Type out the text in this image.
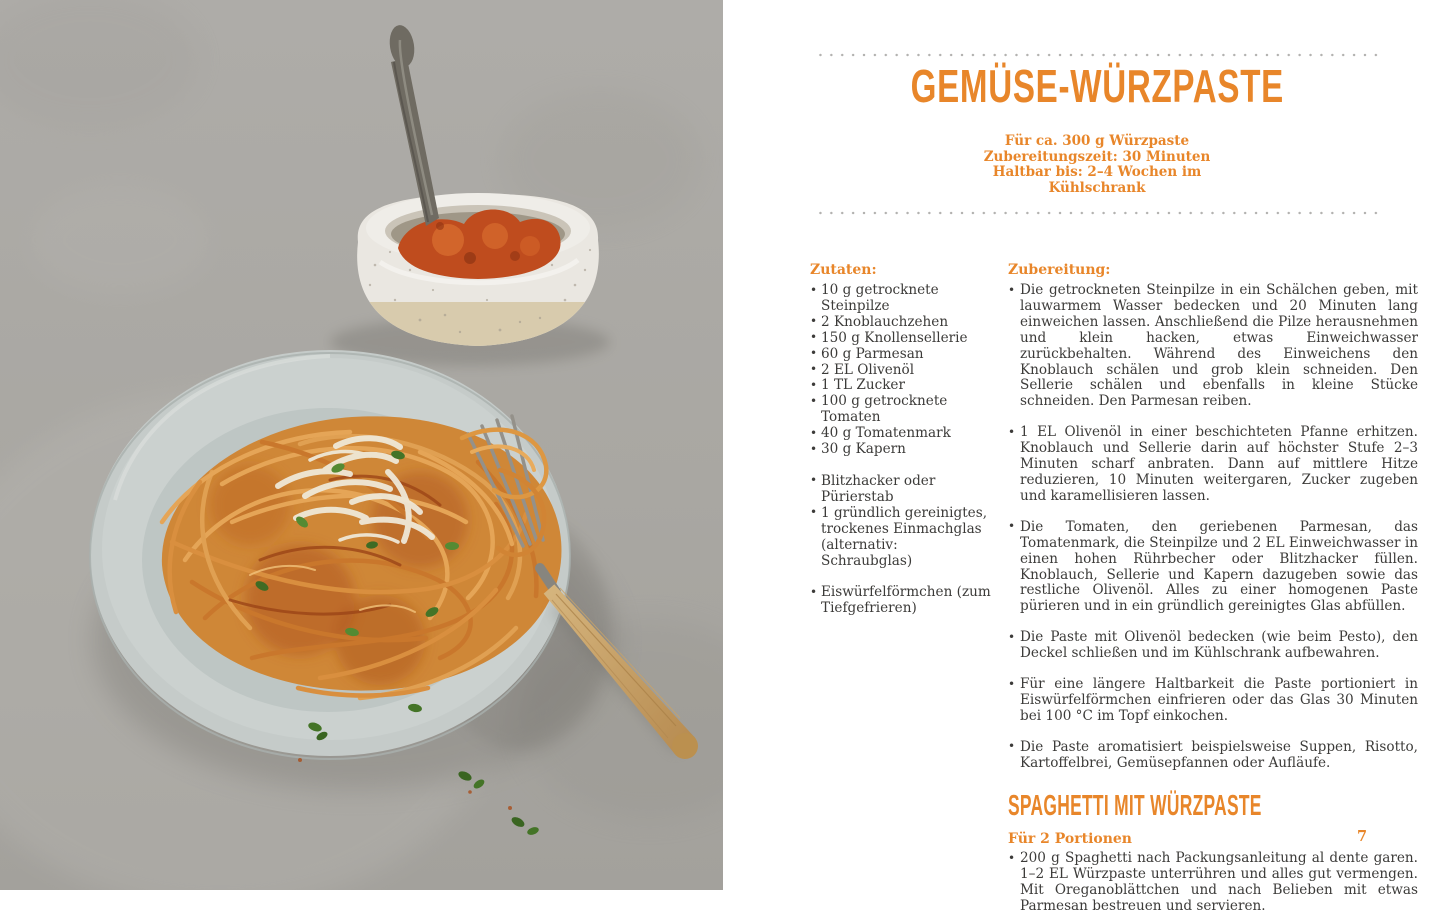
GEMÜSE-WÜRZPASTE
Für ca. 300 g Würzpaste
Zubereitungszeit: 30 Minuten
Haltbar bis: 2–4 Wochen im
Kühlschrank
Zutaten:
• 10 g getrocknete Steinpilze
• 2 Knoblauchzehen
• 150 g Knollensellerie
• 60 g Parmesan
• 2 EL Olivenöl
• 1 TL Zucker
• 100 g getrocknete Tomaten
• 40 g Tomatenmark
• 30 g Kapern
• Blitzhacker oder Pürierstab
• 1 gründlich gereinigtes, trockenes Einmachglas (alternativ: Schraubglas)
• Eiswürfelförmchen (zum Tiefgefrieren)
Zubereitung:
• Die getrockneten Steinpilze in ein Schälchen geben, mit lauwarmem Wasser bedecken und 20 Minuten lang einweichen lassen. Anschließend die Pilze herausnehmen und klein hacken, etwas Einweichwasser zurückbehalten. Während des Einweichens den Knoblauch schälen und grob klein schneiden. Den Sellerie schälen und ebenfalls in kleine Stücke schneiden. Den Parmesan reiben.
• 1 EL Olivenöl in einer beschichteten Pfanne erhitzen. Knoblauch und Sellerie darin auf höchster Stufe 2–3 Minuten scharf anbraten. Dann auf mittlere Hitze reduzieren, 10 Minuten weitergaren, Zucker zugeben und karamellisieren lassen.
• Die Tomaten, den geriebenen Parmesan, das Tomatenmark, die Steinpilze und 2 EL Einweichwasser in einen hohen Rührbecher oder Blitzhacker füllen. Knoblauch, Sellerie und Kapern dazugeben sowie das restliche Olivenöl. Alles zu einer homogenen Paste pürieren und in ein gründlich gereinigtes Glas abfüllen.
• Die Paste mit Olivenöl bedecken (wie beim Pesto), den Deckel schließen und im Kühlschrank aufbewahren.
• Für eine längere Haltbarkeit die Paste portioniert in Eiswürfelförmchen einfrieren oder das Glas 30 Minuten bei 100 °C im Topf einkochen.
• Die Paste aromatisiert beispielsweise Suppen, Risotto, Kartoffelbrei, Gemüsepfannen oder Aufläufe.
SPAGHETTI MIT WÜRZPASTE
Für 2 Portionen
• 200 g Spaghetti nach Packungsanleitung al dente garen. 1–2 EL Würzpaste unterrühren und alles gut vermengen. Mit Oreganoblättchen und nach Belieben mit etwas Parmesan bestreuen und servieren.
7
